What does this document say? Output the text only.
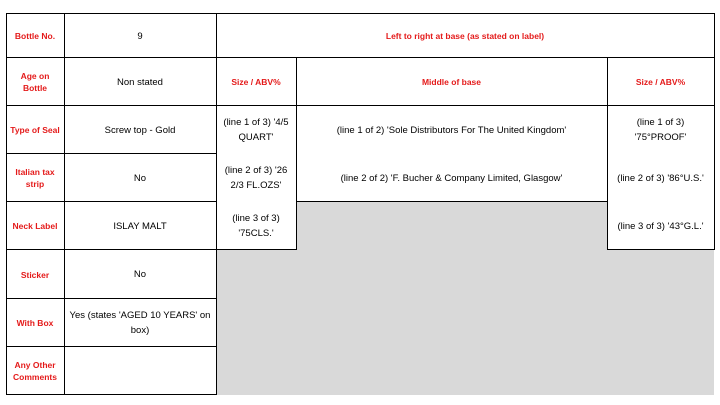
Bottle No.
Age on Bottle
Type of Seal
Italian tax strip
Neck Label
Sticker
With Box
Any Other Comments
9
Non stated
Screw top - Gold
No
ISLAY MALT
No
Yes (states 'AGED 10 YEARS' on box)
Left to right at base (as stated on label)
Size / ABV%	Middle of base	Size / ABV%
(line 1 of 3) '4/5 QUART'
(line 2 of 3) '26 2/3 FL.OZS'
(line 3 of 3) '75CLS.'
(line 1 of 2) 'Sole Distributors For The United Kingdom'
(line 2 of 2) 'F. Bucher & Company Limited, Glasgow'
(line 1 of 3) '75°PROOF'
(line 2 of 3) '86°U.S.'
(line 3 of 3) '43°G.L.'
